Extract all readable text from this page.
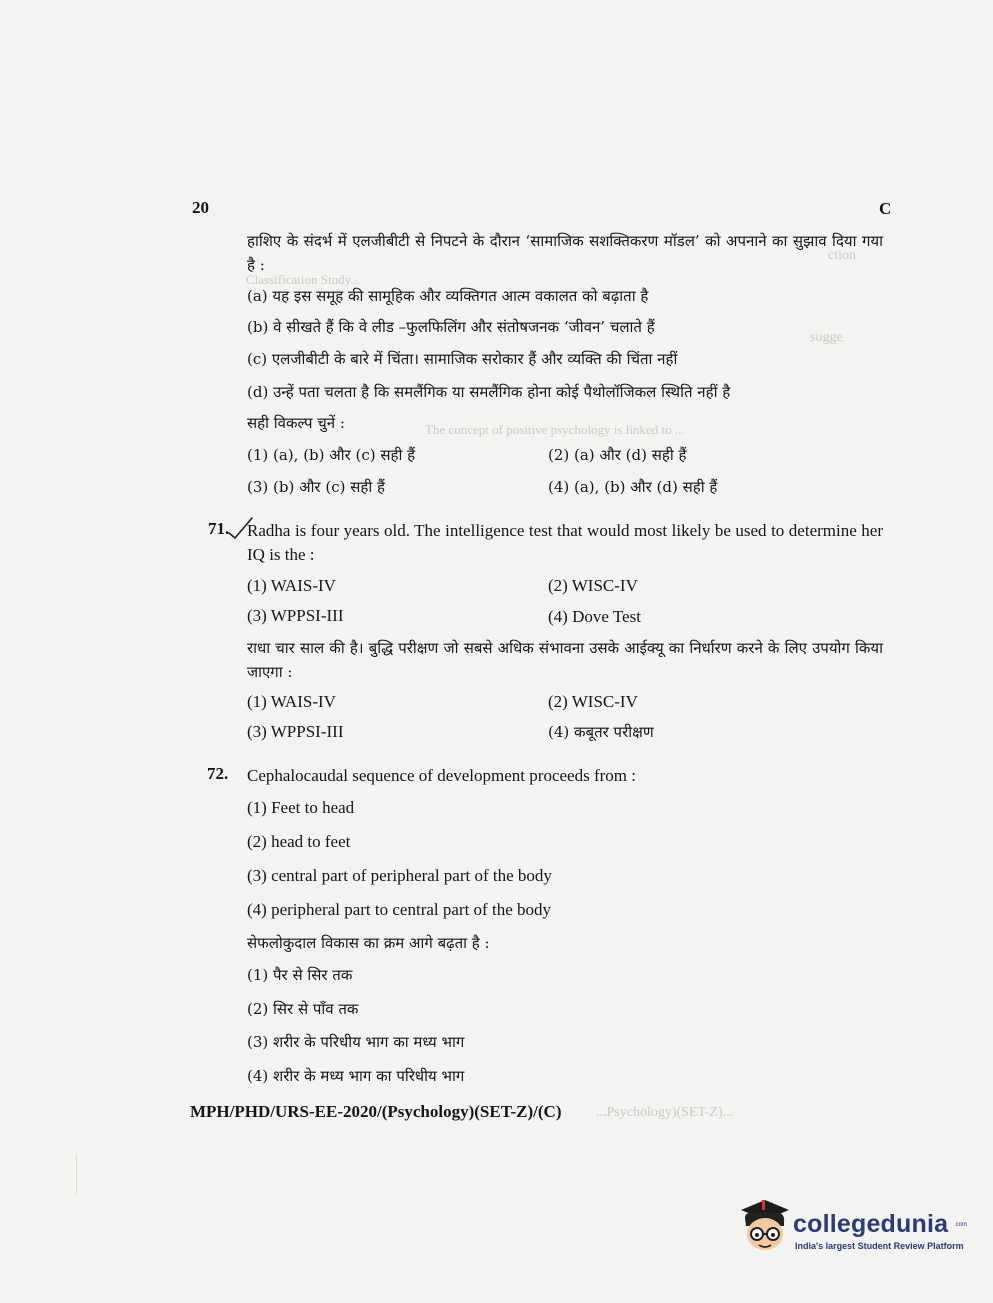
ction
Classification Study...
sugge
The concept of positive psychology is linked to ...
20	C
हाशिए के संदर्भ में एलजीबीटी से निपटने के दौरान ‘सामाजिक सशक्तिकरण मॉडल’ को अपनाने का सुझाव दिया गया है :
(a) यह इस समूह की सामूहिक और व्यक्तिगत आत्म वकालत को बढ़ाता है
(b) वे सीखते हैं कि वे लीड –फुलफिलिंग और संतोषजनक ‘जीवन’ चलाते हैं
(c) एलजीबीटी के बारे में चिंता। सामाजिक सरोकार हैं और व्यक्ति की चिंता नहीं
(d) उन्हें पता चलता है कि समलैंगिक या समलैंगिक होना कोई पैथोलॉजिकल स्थिति नहीं है
सही विकल्प चुनें :
(1) (a), (b) और (c) सही हैं	(2) (a) और (d) सही हैं
(3) (b) और (c) सही हैं	(4) (a), (b) और (d) सही हैं
71. Radha is four years old. The intelligence test that would most likely be used to determine her IQ is the :
(1) WAIS-IV	(2) WISC-IV
(3) WPPSI-III	(4) Dove Test
राधा चार साल की है। बुद्धि परीक्षण जो सबसे अधिक संभावना उसके आईक्यू का निर्धारण करने के लिए उपयोग किया जाएगा :
(1) WAIS-IV	(2) WISC-IV
(3) WPPSI-III	(4) कबूतर परीक्षण
72. Cephalocaudal sequence of development proceeds from :
(1) Feet to head
(2) head to feet
(3) central part of peripheral part of the body
(4) peripheral part to central part of the body
सेफलोकुदाल विकास का क्रम आगे बढ़ता है :
(1) पैर से सिर तक
(2) सिर से पाँव तक
(3) शरीर के परिधीय भाग का मध्य भाग
(4) शरीर के मध्य भाग का परिधीय भाग
MPH/PHD/URS-EE-2020/(Psychology)(SET-Z)/(C) ...Psychology)(SET-Z)...
collegedunia .com
India's largest Student Review Platform
